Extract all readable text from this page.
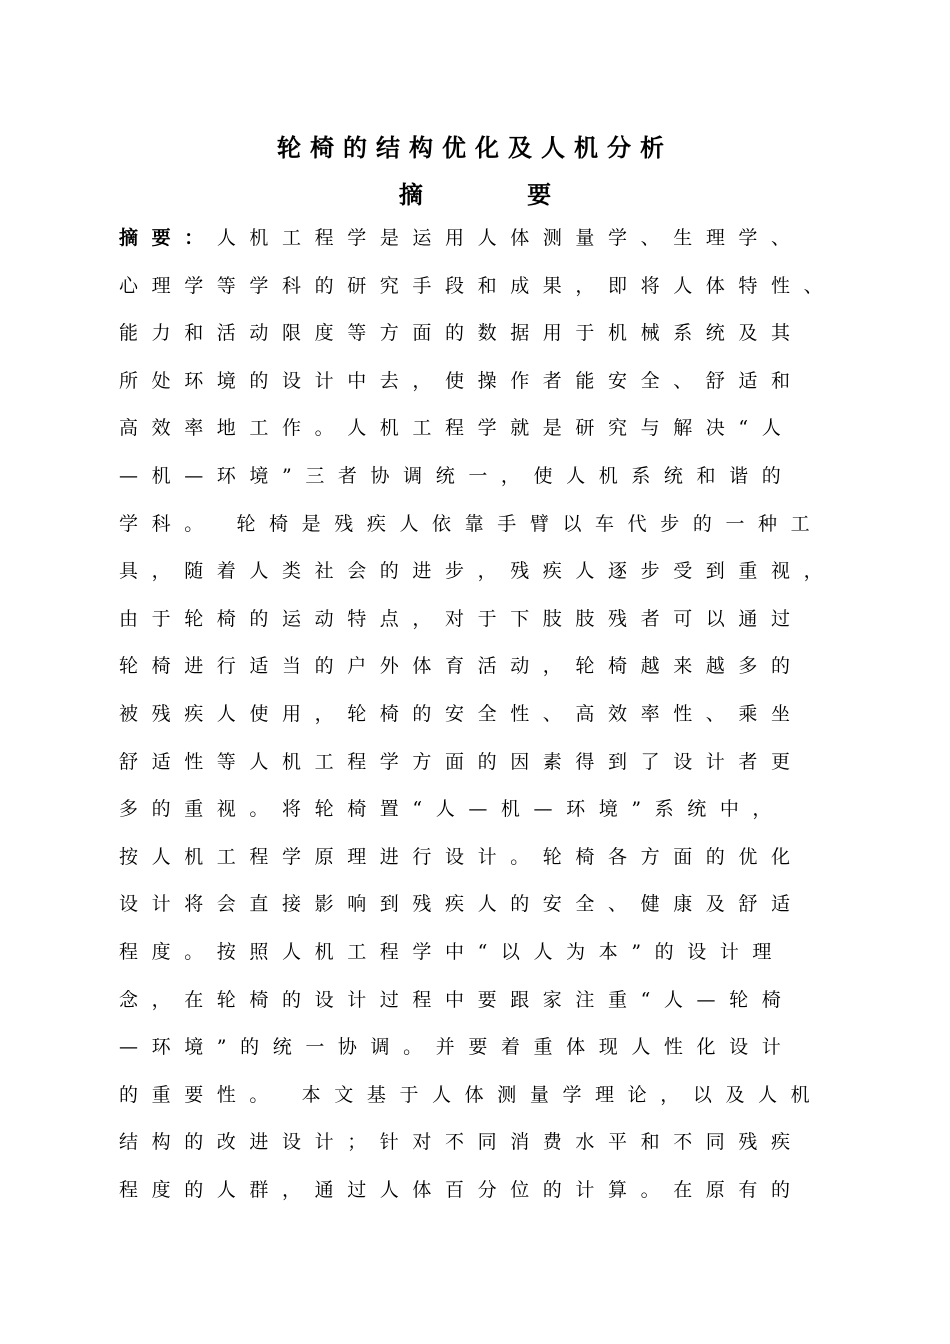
轮椅的结构优化及人机分析
摘 要
摘要：人机工程学是运用人体测量学、生理学、
心理学等学科的研究手段和成果，即将人体特性、
能力和活动限度等方面的数据用于机械系统及其
所处环境的设计中去，使操作者能安全、舒适和
高效率地工作。人机工程学就是研究与解决“人
—机—环境”三者协调统一，使人机系统和谐的
学科。 轮椅是残疾人依靠手臂以车代步的一种工
具，随着人类社会的进步，残疾人逐步受到重视，
由于轮椅的运动特点，对于下肢肢残者可以通过
轮椅进行适当的户外体育活动，轮椅越来越多的
被残疾人使用，轮椅的安全性、高效率性、乘坐
舒适性等人机工程学方面的因素得到了设计者更
多的重视。将轮椅置“人—机—环境”系统中，
按人机工程学原理进行设计。轮椅各方面的优化
设计将会直接影响到残疾人的安全、健康及舒适
程度。按照人机工程学中“以人为本”的设计理
念，在轮椅的设计过程中要跟家注重“人—轮椅
—环境”的统一协调。并要着重体现人性化设计
的重要性。 本文基于人体测量学理论，以及人机
结构的改进设计；针对不同消费水平和不同残疾
程度的人群，通过人体百分位的计算。在原有的
